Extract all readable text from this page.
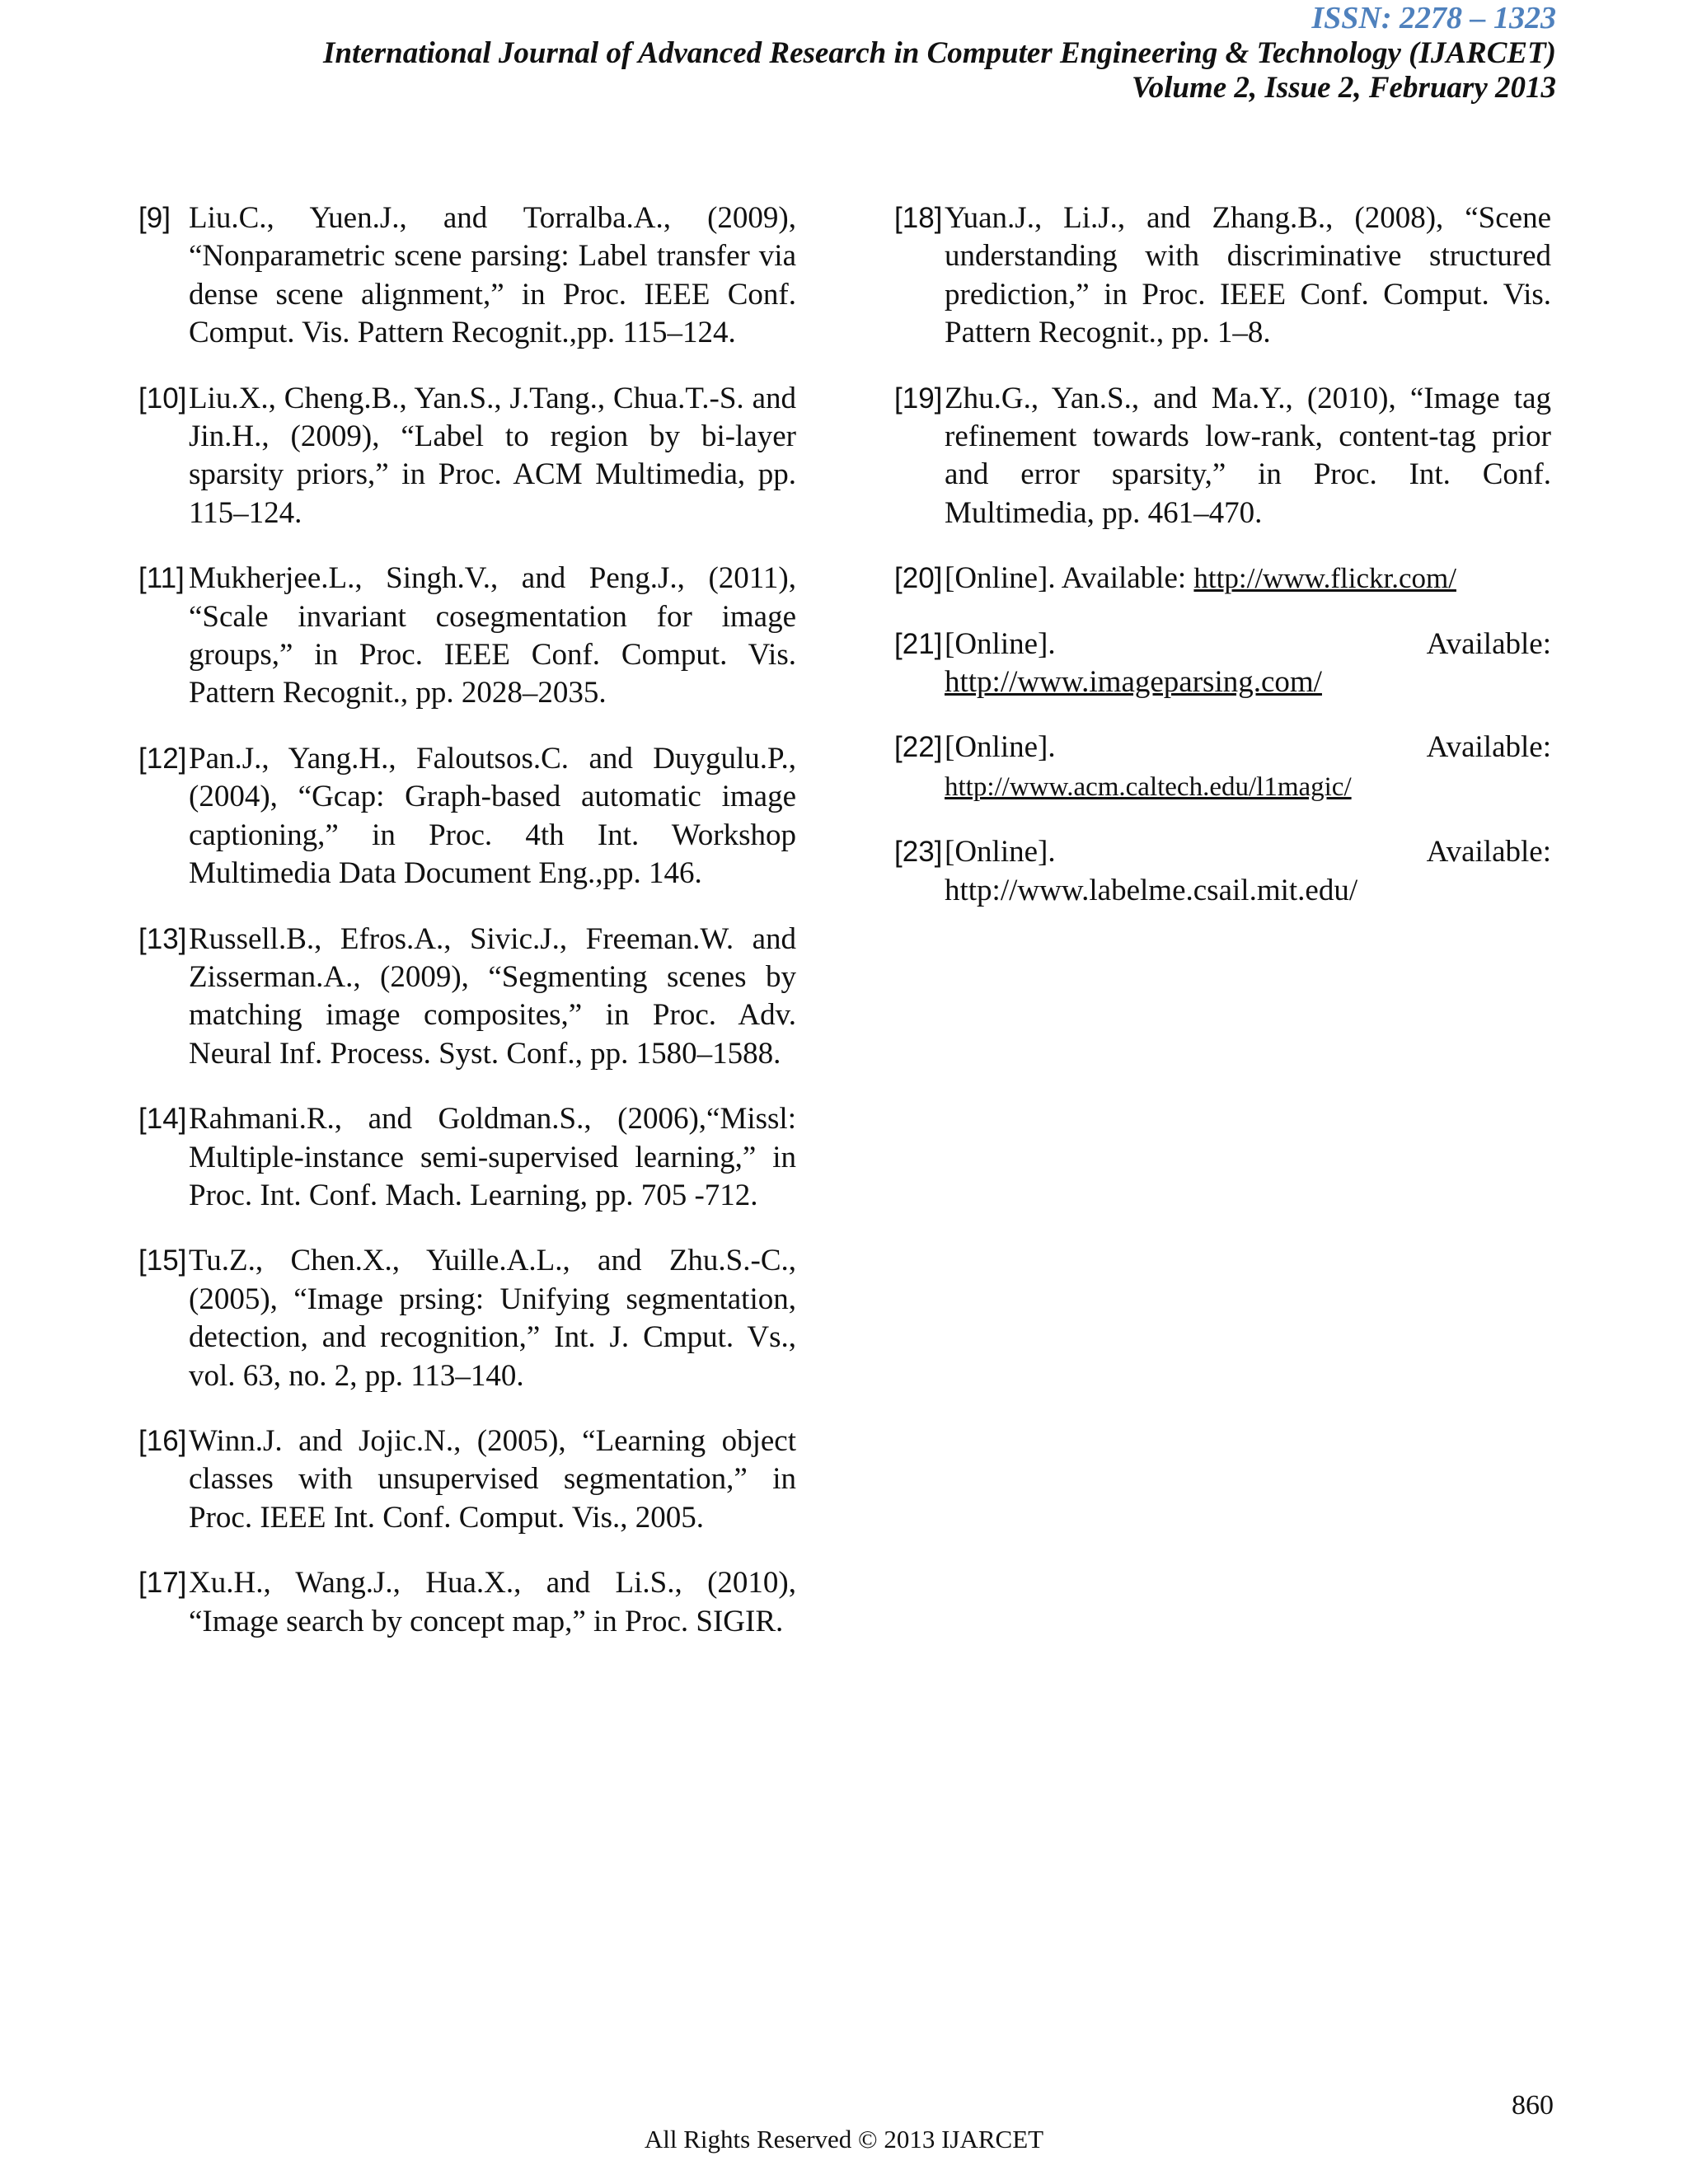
ISSN: 2278 – 1323
International Journal of Advanced Research in Computer Engineering & Technology (IJARCET)
Volume 2, Issue 2, February 2013
[9] Liu.C., Yuen.J., and Torralba.A., (2009), “Nonparametric scene parsing: Label transfer via dense scene alignment,” in Proc. IEEE Conf. Comput. Vis. Pattern Recognit.,pp. 115–124.
[10] Liu.X., Cheng.B., Yan.S., J.Tang., Chua.T.-S. and Jin.H., (2009), “Label to region by bi-layer sparsity priors,” in Proc. ACM Multimedia, pp. 115–124.
[11] Mukherjee.L., Singh.V., and Peng.J., (2011), “Scale invariant cosegmentation for image groups,” in Proc. IEEE Conf. Comput. Vis. Pattern Recognit., pp. 2028–2035.
[12] Pan.J., Yang.H., Faloutsos.C. and Duygulu.P., (2004), “Gcap: Graph-based automatic image captioning,” in Proc. 4th Int. Workshop Multimedia Data Document Eng.,pp. 146.
[13] Russell.B., Efros.A., Sivic.J., Freeman.W. and Zisserman.A., (2009), “Segmenting scenes by matching image composites,” in Proc. Adv. Neural Inf. Process. Syst. Conf., pp. 1580–1588.
[14] Rahmani.R., and Goldman.S., (2006),“Missl: Multiple-instance semi-supervised learning,” in Proc. Int. Conf. Mach. Learning, pp. 705 -712.
[15] Tu.Z., Chen.X., Yuille.A.L., and Zhu.S.-C., (2005), “Image prsing: Unifying segmentation, detection, and recognition,” Int. J. Cmput. Vs., vol. 63, no. 2, pp. 113–140.
[16] Winn.J. and Jojic.N., (2005), “Learning object classes with unsupervised segmentation,” in Proc. IEEE Int. Conf. Comput. Vis., 2005.
[17] Xu.H., Wang.J., Hua.X., and Li.S., (2010), “Image search by concept map,” in Proc. SIGIR.
[18] Yuan.J., Li.J., and Zhang.B., (2008), “Scene understanding with discriminative structured prediction,” in Proc. IEEE Conf. Comput. Vis. Pattern Recognit., pp. 1–8.
[19] Zhu.G., Yan.S., and Ma.Y., (2010), “Image tag refinement towards low-rank, content-tag prior and error sparsity,” in Proc. Int. Conf. Multimedia, pp. 461–470.
[20] [Online]. Available: http://www.flickr.com/
[21] [Online]. Available: http://www.imageparsing.com/
[22] [Online]. Available: http://www.acm.caltech.edu/l1magic/
[23] [Online]. Available: http://www.labelme.csail.mit.edu/
860
All Rights Reserved © 2013 IJARCET
